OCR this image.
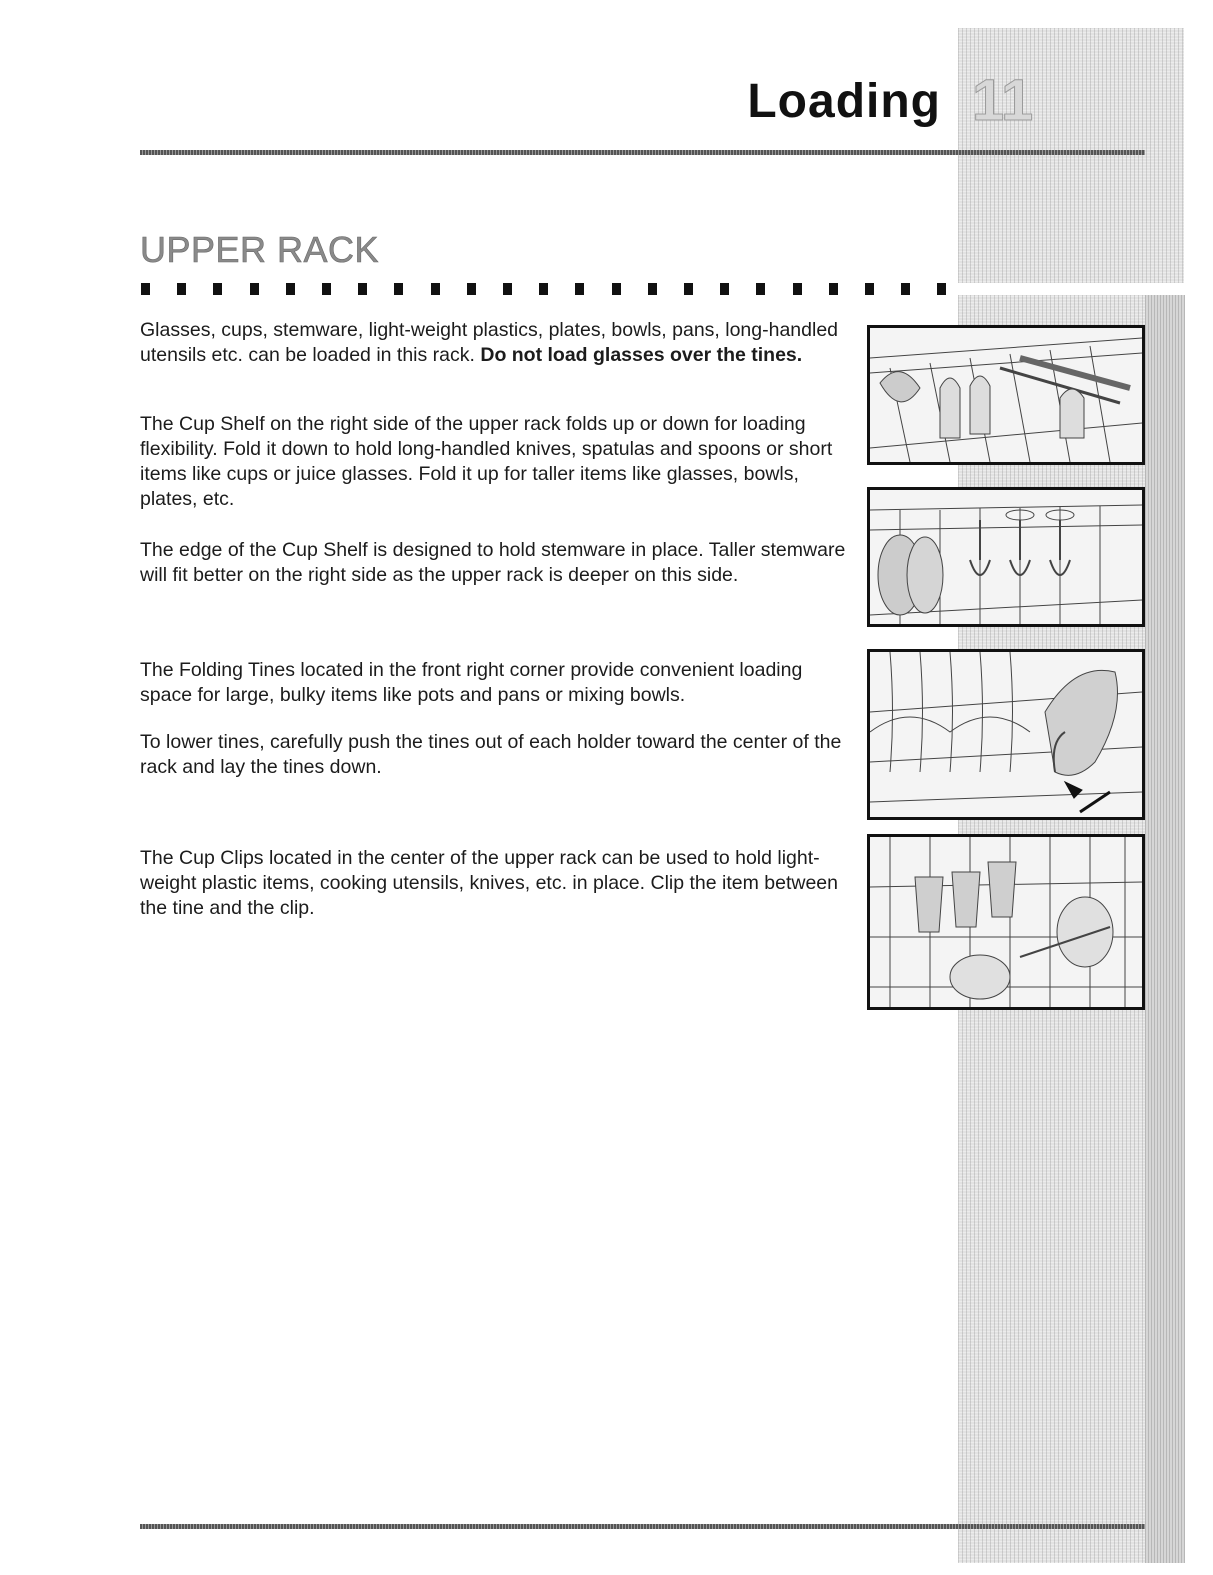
Loading 11
UPPER RACK

Glasses, cups, stemware, light-weight plastics, plates, bowls, pans, long-handled utensils etc. can be loaded in this rack. Do not load glasses over the tines.

The Cup Shelf on the right side of the upper rack folds up or down for loading flexibility. Fold it down to hold long-handled knives, spatulas and spoons or short items like cups or juice glasses. Fold it up for taller items like glasses, bowls, plates, etc.

The edge of the Cup Shelf is designed to hold stemware in place. Taller stemware will fit better on the right side as the upper rack is deeper on this side.

The Folding Tines located in the front right corner provide convenient loading space for large, bulky items like pots and pans or mixing bowls.

To lower tines, carefully push the tines out of each holder toward the center of the rack and lay the tines down.

The Cup Clips located in the center of the upper rack can be used to hold light-weight plastic items, cooking utensils, knives, etc. in place. Clip the item between the tine and the clip.
